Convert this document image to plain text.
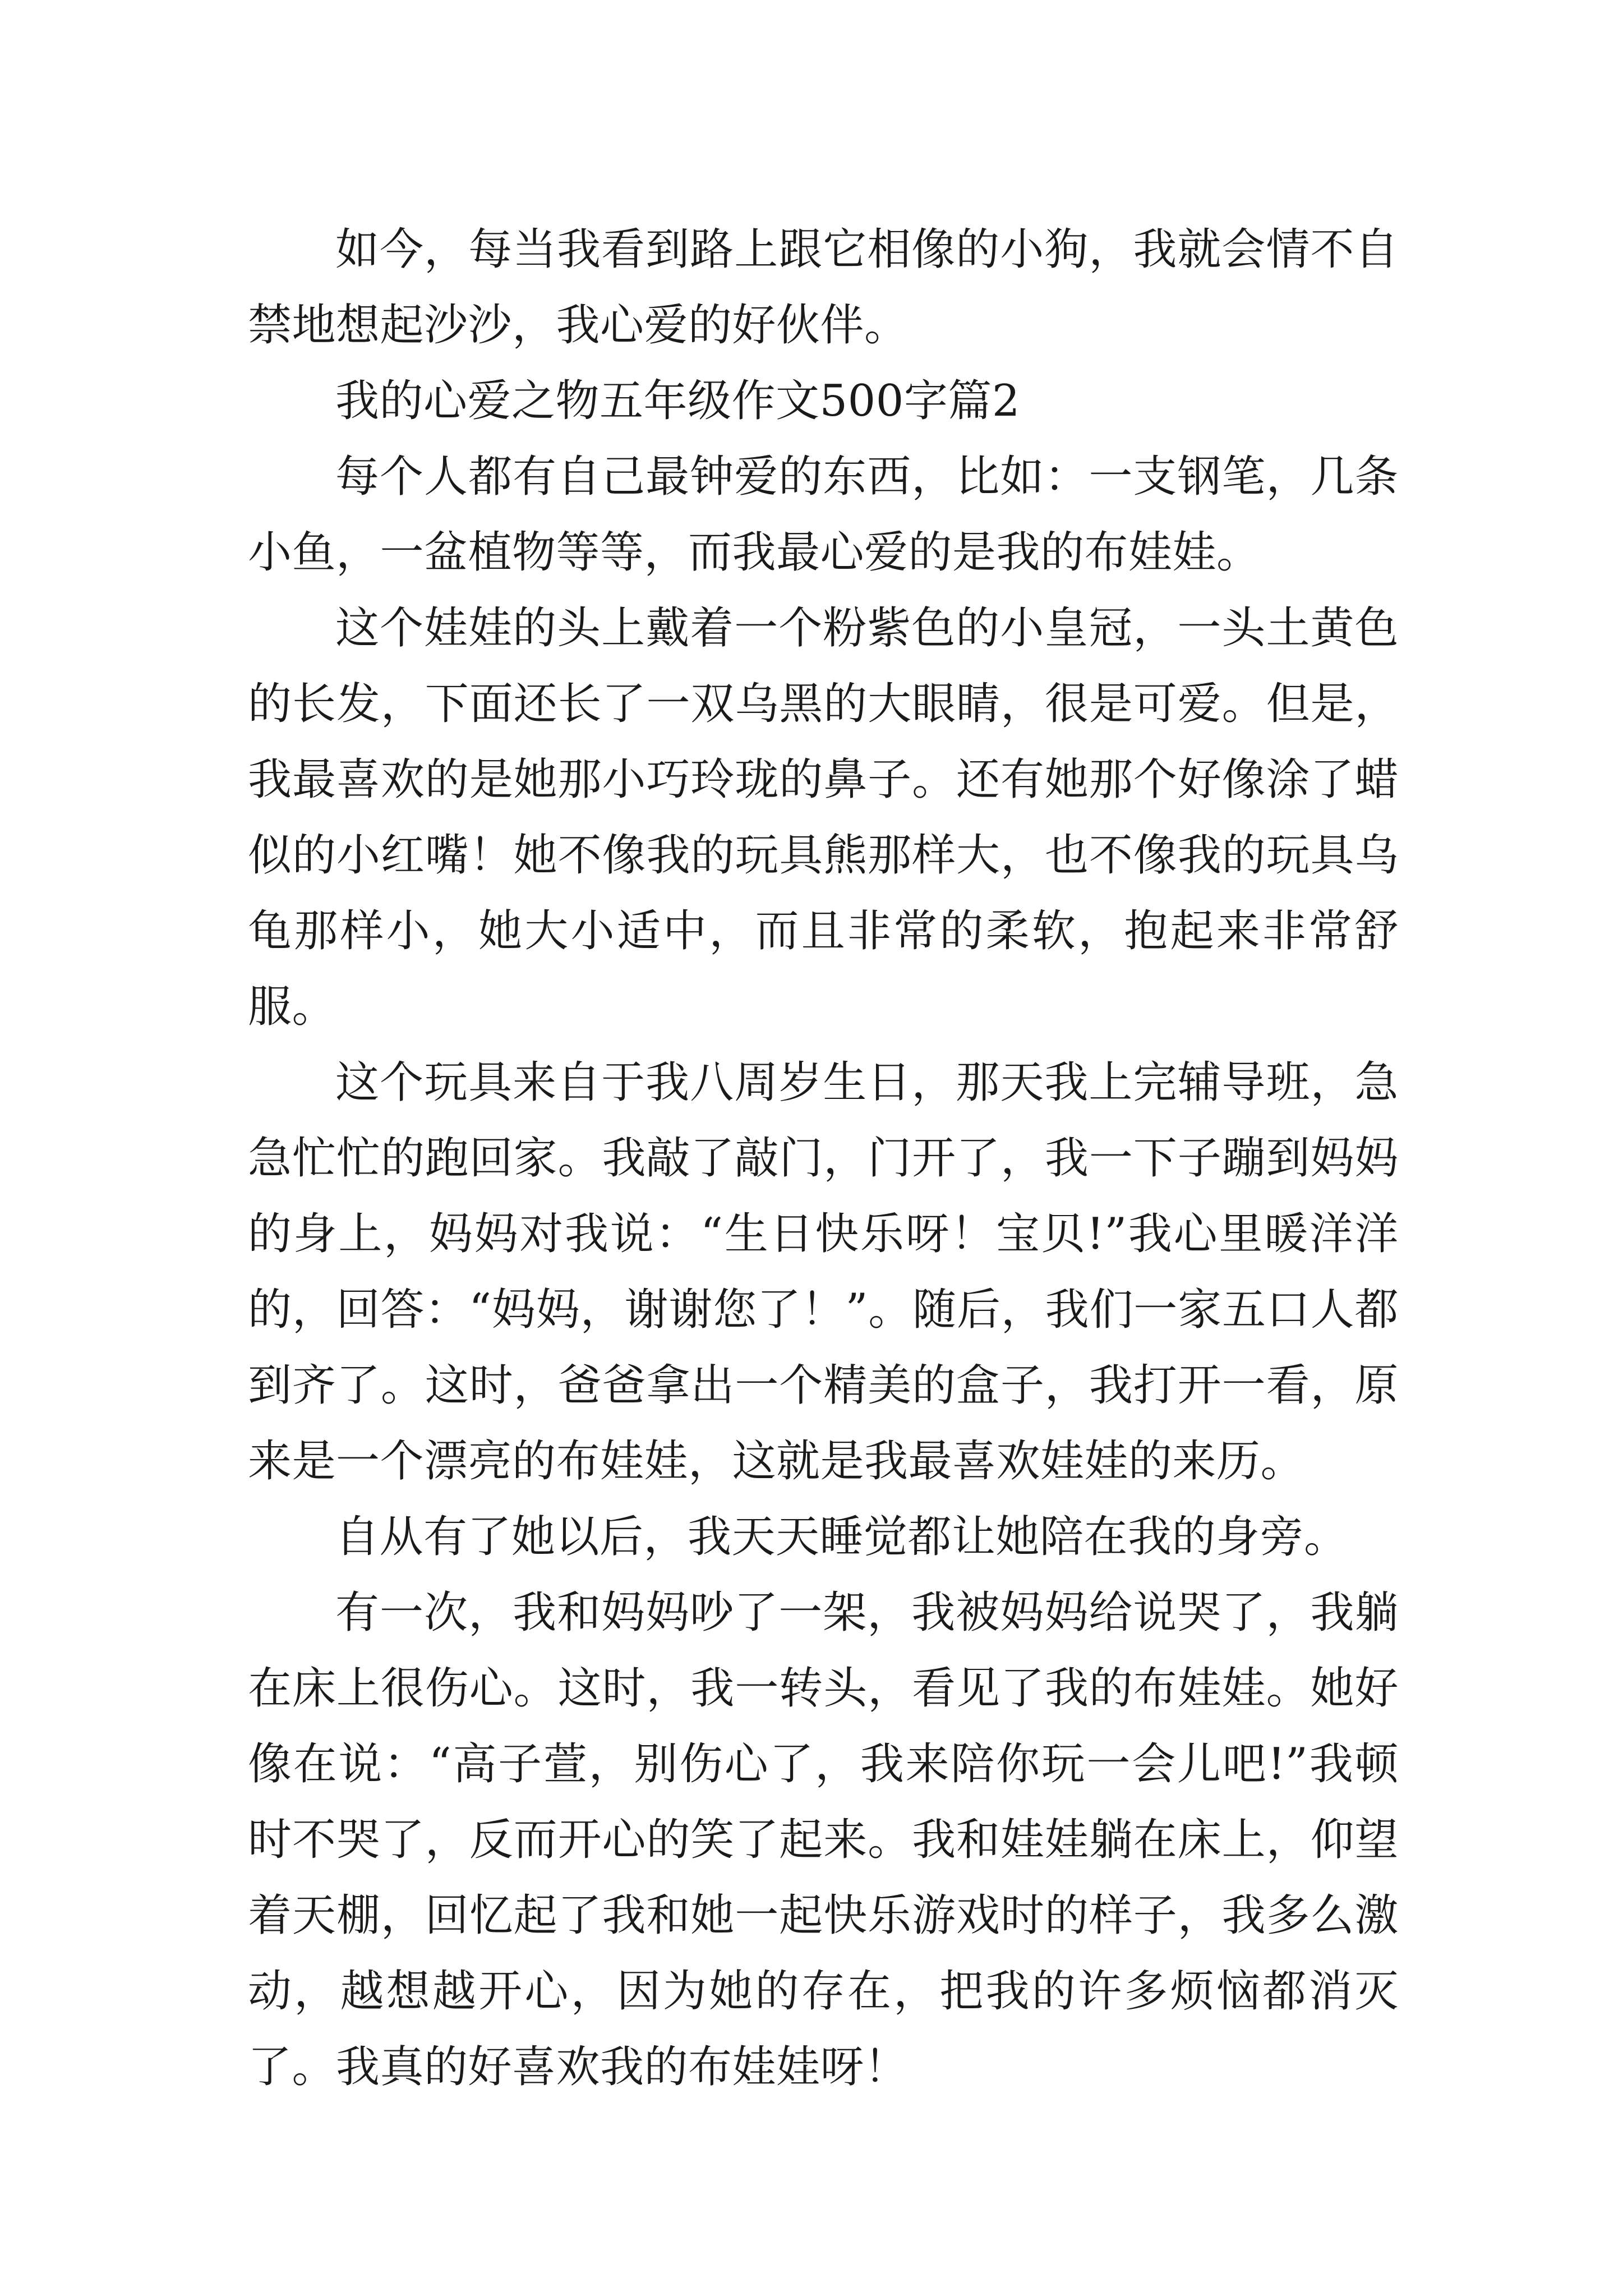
如今，每当我看到路上跟它相像的小狗，我就会情不自禁地想起沙沙，我心爱的好伙伴。

我的心爱之物五年级作文500字篇2

每个人都有自己最钟爱的东西，比如：一支钢笔，几条小鱼，一盆植物等等，而我最心爱的是我的布娃娃。

这个娃娃的头上戴着一个粉紫色的小皇冠，一头土黄色的长发，下面还长了一双乌黑的大眼睛，很是可爱。但是，我最喜欢的是她那小巧玲珑的鼻子。还有她那个好像涂了蜡似的小红嘴！她不像我的玩具熊那样大，也不像我的玩具乌龟那样小，她大小适中，而且非常的柔软，抱起来非常舒服。

这个玩具来自于我八周岁生日，那天我上完辅导班，急急忙忙的跑回家。我敲了敲门，门开了，我一下子蹦到妈妈的身上，妈妈对我说：“生日快乐呀！宝贝!”我心里暖洋洋的，回答：“妈妈，谢谢您了！”。随后，我们一家五口人都到齐了。这时，爸爸拿出一个精美的盒子，我打开一看，原来是一个漂亮的布娃娃，这就是我最喜欢娃娃的来历。

自从有了她以后，我天天睡觉都让她陪在我的身旁。

有一次，我和妈妈吵了一架，我被妈妈给说哭了，我躺在床上很伤心。这时，我一转头，看见了我的布娃娃。她好像在说：“高子萱，别伤心了，我来陪你玩一会儿吧!”我顿时不哭了，反而开心的笑了起来。我和娃娃躺在床上，仰望着天棚，回忆起了我和她一起快乐游戏时的样子，我多么激动，越想越开心，因为她的存在，把我的许多烦恼都消灭了。我真的好喜欢我的布娃娃呀！
